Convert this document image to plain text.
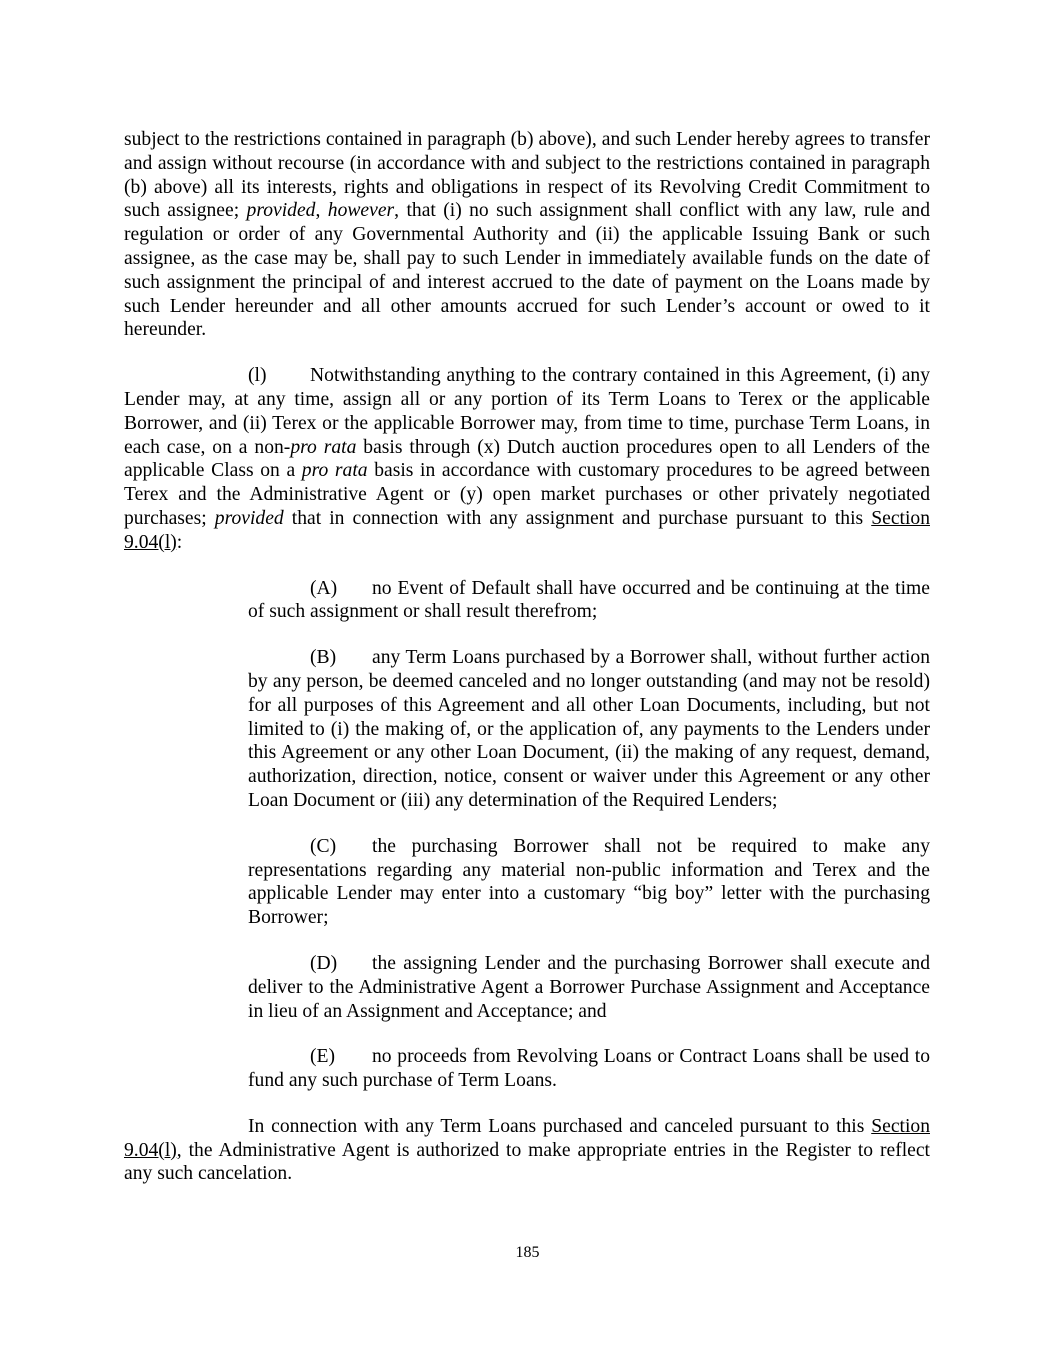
subject to the restrictions contained in paragraph (b) above), and such Lender hereby agrees to transfer and assign without recourse (in accordance with and subject to the restrictions contained in paragraph (b) above) all its interests, rights and obligations in respect of its Revolving Credit Commitment to such assignee; provided, however, that (i) no such assignment shall conflict with any law, rule and regulation or order of any Governmental Authority and (ii) the applicable Issuing Bank or such assignee, as the case may be, shall pay to such Lender in immediately available funds on the date of such assignment the principal of and interest accrued to the date of payment on the Loans made by such Lender hereunder and all other amounts accrued for such Lender’s account or owed to it hereunder.

(l) Notwithstanding anything to the contrary contained in this Agreement, (i) any Lender may, at any time, assign all or any portion of its Term Loans to Terex or the applicable Borrower, and (ii) Terex or the applicable Borrower may, from time to time, purchase Term Loans, in each case, on a non-pro rata basis through (x) Dutch auction procedures open to all Lenders of the applicable Class on a pro rata basis in accordance with customary procedures to be agreed between Terex and the Administrative Agent or (y) open market purchases or other privately negotiated purchases; provided that in connection with any assignment and purchase pursuant to this Section 9.04(l):

(A) no Event of Default shall have occurred and be continuing at the time of such assignment or shall result therefrom;

(B) any Term Loans purchased by a Borrower shall, without further action by any person, be deemed canceled and no longer outstanding (and may not be resold) for all purposes of this Agreement and all other Loan Documents, including, but not limited to (i) the making of, or the application of, any payments to the Lenders under this Agreement or any other Loan Document, (ii) the making of any request, demand, authorization, direction, notice, consent or waiver under this Agreement or any other Loan Document or (iii) any determination of the Required Lenders;

(C) the purchasing Borrower shall not be required to make any representations regarding any material non-public information and Terex and the applicable Lender may enter into a customary “big boy” letter with the purchasing Borrower;

(D) the assigning Lender and the purchasing Borrower shall execute and deliver to the Administrative Agent a Borrower Purchase Assignment and Acceptance in lieu of an Assignment and Acceptance; and

(E) no proceeds from Revolving Loans or Contract Loans shall be used to fund any such purchase of Term Loans.

In connection with any Term Loans purchased and canceled pursuant to this Section 9.04(l), the Administrative Agent is authorized to make appropriate entries in the Register to reflect any such cancelation.

185
